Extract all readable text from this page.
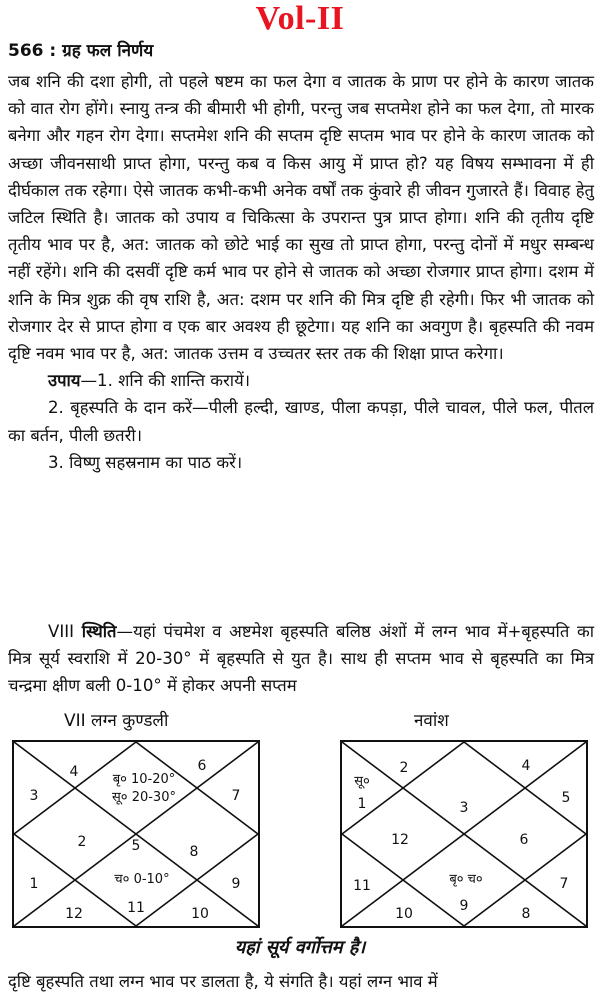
Vol-II
566 : ग्रह फल निर्णय

जब शनि की दशा होगी, तो पहले षष्टम का फल देगा व जातक के प्राण पर होने के कारण जातक को वात रोग होंगे। स्नायु तन्त्र की बीमारी भी होगी, परन्तु जब सप्तमेश होने का फल देगा, तो मारक बनेगा और गहन रोग देगा। सप्तमेश शनि की सप्तम दृष्टि सप्तम भाव पर होने के कारण जातक को अच्छा जीवनसाथी प्राप्त होगा, परन्तु कब व किस आयु में प्राप्त हो? यह विषय सम्भावना में ही दीर्घकाल तक रहेगा। ऐसे जातक कभी-कभी अनेक वर्षों तक कुंवारे ही जीवन गुजारते हैं। विवाह हेतु जटिल स्थिति है। जातक को उपाय व चिकित्सा के उपरान्त पुत्र प्राप्त होगा। शनि की तृतीय दृष्टि तृतीय भाव पर है, अत: जातक को छोटे भाई का सुख तो प्राप्त होगा, परन्तु दोनों में मधुर सम्बन्ध नहीं रहेंगे। शनि की दसवीं दृष्टि कर्म भाव पर होने से जातक को अच्छा रोजगार प्राप्त होगा। दशम में शनि के मित्र शुक्र की वृष राशि है, अत: दशम पर शनि की मित्र दृष्टि ही रहेगी। फिर भी जातक को रोजगार देर से प्राप्त होगा व एक बार अवश्य ही छूटेगा। यह शनि का अवगुण है। बृहस्पति की नवम दृष्टि नवम भाव पर है, अत: जातक उत्तम व उच्चतर स्तर तक की शिक्षा प्राप्त करेगा।

उपाय—1. शनि की शान्ति करायें।

2. बृहस्पति के दान करें—पीली हल्दी, खाण्ड, पीला कपड़ा, पीले चावल, पीले फल, पीतल का बर्तन, पीली छतरी।

3. विष्णु सहस्रनाम का पाठ करें।

VIII स्थिति—यहां पंचमेश व अष्टमेश बृहस्पति बलिष्ठ अंशों में लग्न भाव में+बृहस्पति का मित्र सूर्य स्वराशि में 20-30° में बृहस्पति से युत है। साथ ही सप्तम भाव से बृहस्पति का मित्र चन्द्रमा क्षीण बली 0-10° में होकर अपनी सप्तम

VII लग्न कुण्डली
5
4
3
2
1
12	11	10
9
8
7
6
बृ० 10-20°
सू० 20-30°
च० 0-10°
नवांश
3
2
1
12
11
10	9	8
7
6
5
4
सू०
बृ० च०
यहां सूर्य वर्गोत्तम है।
दृष्टि बृहस्पति तथा लग्न भाव पर डालता है, ये संगति है। यहां लग्न भाव में
